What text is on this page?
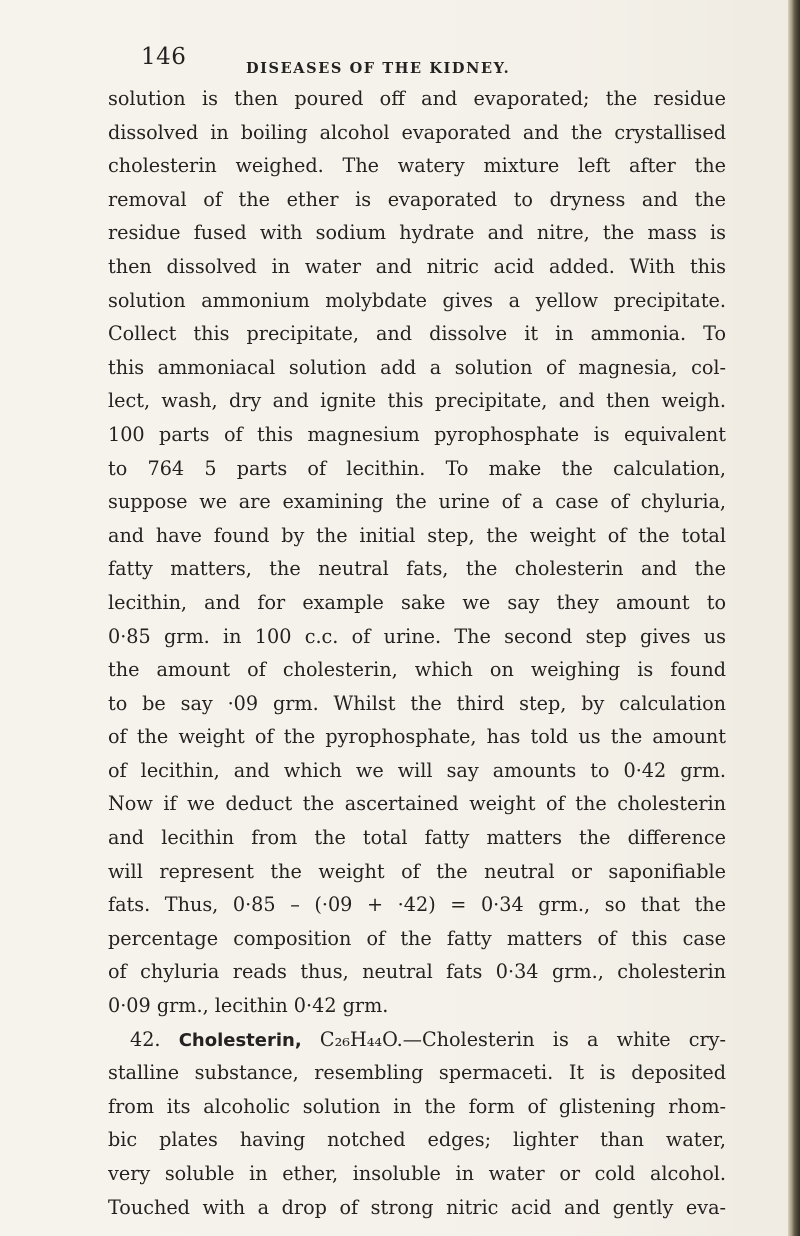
146	DISEASES OF THE KIDNEY.
solution is then poured off and evaporated; the residue
dissolved in boiling alcohol evaporated and the crystallised
cholesterin weighed. The watery mixture left after the
removal of the ether is evaporated to dryness and the
residue fused with sodium hydrate and nitre, the mass is
then dissolved in water and nitric acid added. With this
solution ammonium molybdate gives a yellow precipitate.
Collect this precipitate, and dissolve it in ammonia. To
this ammoniacal solution add a solution of magnesia, col-
lect, wash, dry and ignite this precipitate, and then weigh.
100 parts of this magnesium pyrophosphate is equivalent
to 764 5 parts of lecithin. To make the calculation,
suppose we are examining the urine of a case of chyluria,
and have found by the initial step, the weight of the total
fatty matters, the neutral fats, the cholesterin and the
lecithin, and for example sake we say they amount to
0·85 grm. in 100 c.c. of urine. The second step gives us
the amount of cholesterin, which on weighing is found
to be say ·09 grm. Whilst the third step, by calculation
of the weight of the pyrophosphate, has told us the amount
of lecithin, and which we will say amounts to 0·42 grm.
Now if we deduct the ascertained weight of the cholesterin
and lecithin from the total fatty matters the difference
will represent the weight of the neutral or saponifiable
fats. Thus, 0·85 – (·09 + ·42) = 0·34 grm., so that the
percentage composition of the fatty matters of this case
of chyluria reads thus, neutral fats 0·34 grm., cholesterin
0·09 grm., lecithin 0·42 grm.
42. Cholesterin, C₂₆H₄₄O.—Cholesterin is a white cry-
stalline substance, resembling spermaceti. It is deposited
from its alcoholic solution in the form of glistening rhom-
bic plates having notched edges; lighter than water,
very soluble in ether, insoluble in water or cold alcohol.
Touched with a drop of strong nitric acid and gently eva-
